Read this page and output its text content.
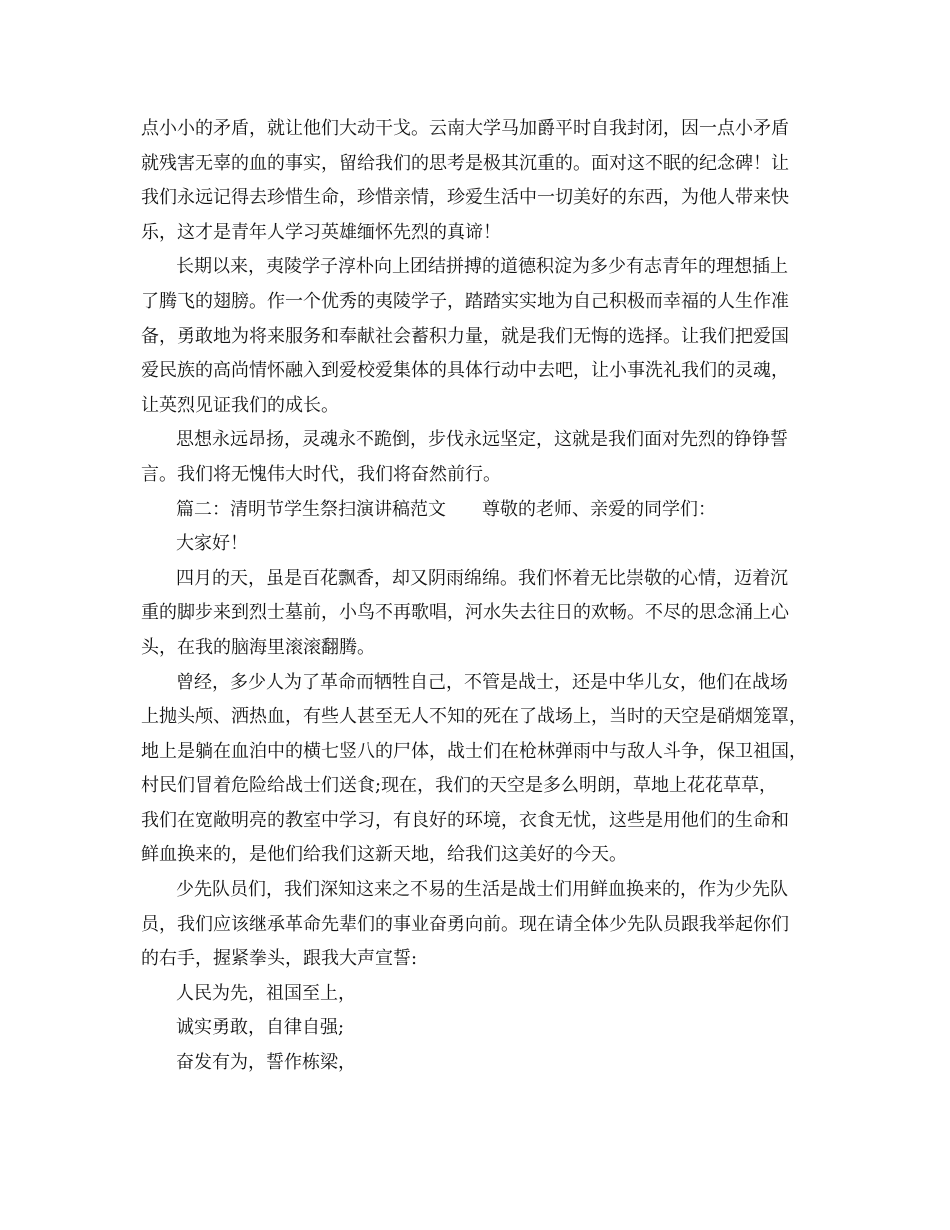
点小小的矛盾，就让他们大动干戈。云南大学马加爵平时自我封闭，因一点小矛盾
就残害无辜的血的事实，留给我们的思考是极其沉重的。面对这不眠的纪念碑！让
我们永远记得去珍惜生命，珍惜亲情，珍爱生活中一切美好的东西，为他人带来快
乐，这才是青年人学习英雄缅怀先烈的真谛！
长期以来，夷陵学子淳朴向上团结拼搏的道德积淀为多少有志青年的理想插上
了腾飞的翅膀。作一个优秀的夷陵学子，踏踏实实地为自己积极而幸福的人生作准
备，勇敢地为将来服务和奉献社会蓄积力量，就是我们无悔的选择。让我们把爱国
爱民族的高尚情怀融入到爱校爱集体的具体行动中去吧，让小事洗礼我们的灵魂，
让英烈见证我们的成长。
思想永远昂扬，灵魂永不跪倒，步伐永远坚定，这就是我们面对先烈的铮铮誓
言。我们将无愧伟大时代，我们将奋然前行。
篇二：清明节学生祭扫演讲稿范文 尊敬的老师、亲爱的同学们：
大家好！
四月的天，虽是百花飘香，却又阴雨绵绵。我们怀着无比崇敬的心情，迈着沉
重的脚步来到烈士墓前，小鸟不再歌唱，河水失去往日的欢畅。不尽的思念涌上心
头，在我的脑海里滚滚翻腾。
曾经，多少人为了革命而牺牲自己，不管是战士，还是中华儿女，他们在战场
上抛头颅、洒热血，有些人甚至无人不知的死在了战场上，当时的天空是硝烟笼罩，
地上是躺在血泊中的横七竖八的尸体，战士们在枪林弹雨中与敌人斗争，保卫祖国，
村民们冒着危险给战士们送食;现在，我们的天空是多么明朗，草地上花花草草，
我们在宽敞明亮的教室中学习，有良好的环境，衣食无忧，这些是用他们的生命和
鲜血换来的，是他们给我们这新天地，给我们这美好的今天。
少先队员们，我们深知这来之不易的生活是战士们用鲜血换来的，作为少先队
员，我们应该继承革命先辈们的事业奋勇向前。现在请全体少先队员跟我举起你们
的右手，握紧拳头，跟我大声宣誓:
人民为先，祖国至上，
诚实勇敢，自律自强;
奋发有为，誓作栋梁，
